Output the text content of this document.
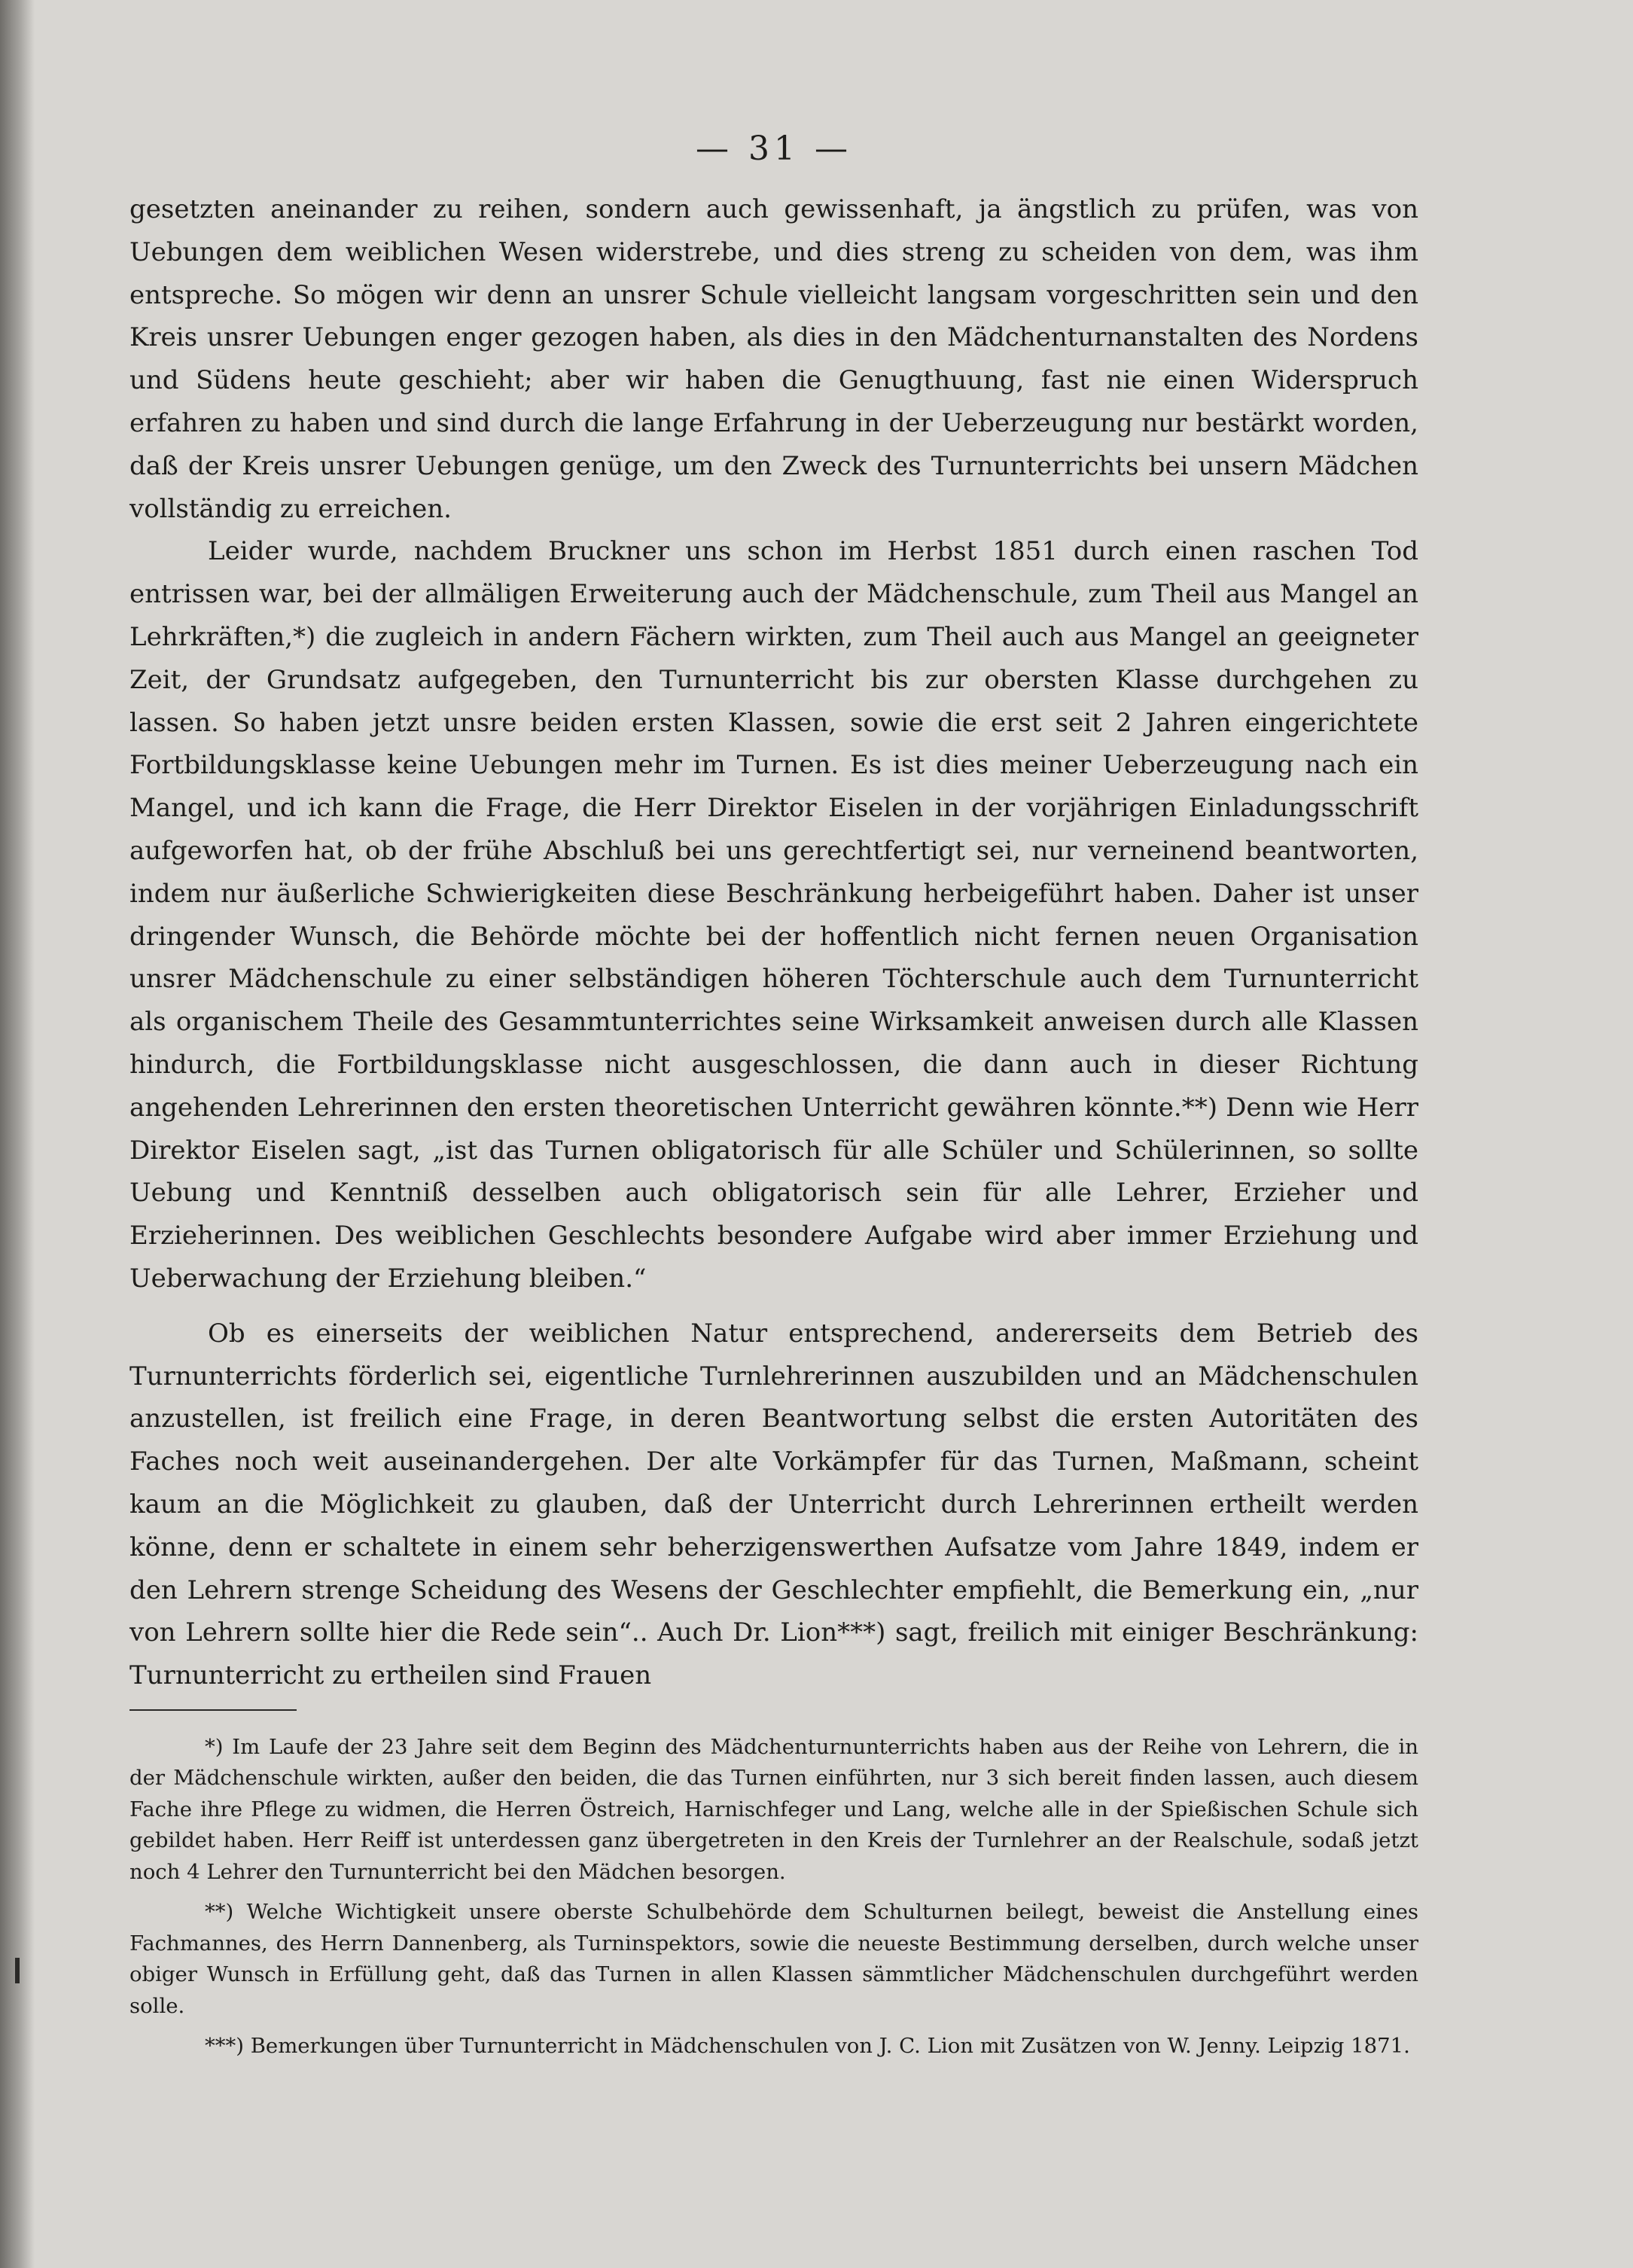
— 31 —

gesetzten aneinander zu reihen, sondern auch gewissenhaft, ja ängstlich zu prüfen, was von Uebungen dem weiblichen Wesen widerstrebe, und dies streng zu scheiden von dem, was ihm entspreche. So mögen wir denn an unsrer Schule vielleicht langsam vorgeschritten sein und den Kreis unsrer Uebungen enger gezogen haben, als dies in den Mädchenturnanstalten des Nordens und Südens heute geschieht; aber wir haben die Genugthuung, fast nie einen Widerspruch erfahren zu haben und sind durch die lange Erfahrung in der Ueberzeugung nur bestärkt worden, daß der Kreis unsrer Uebungen genüge, um den Zweck des Turnunterrichts bei unsern Mädchen vollständig zu erreichen.

Leider wurde, nachdem Bruckner uns schon im Herbst 1851 durch einen raschen Tod entrissen war, bei der allmäligen Erweiterung auch der Mädchenschule, zum Theil aus Mangel an Lehrkräften,*) die zugleich in andern Fächern wirkten, zum Theil auch aus Mangel an geeigneter Zeit, der Grundsatz aufgegeben, den Turnunterricht bis zur obersten Klasse durchgehen zu lassen. So haben jetzt unsre beiden ersten Klassen, sowie die erst seit 2 Jahren eingerichtete Fortbildungsklasse keine Uebungen mehr im Turnen. Es ist dies meiner Ueberzeugung nach ein Mangel, und ich kann die Frage, die Herr Direktor Eiselen in der vorjährigen Einladungsschrift aufgeworfen hat, ob der frühe Abschluß bei uns gerechtfertigt sei, nur verneinend beantworten, indem nur äußerliche Schwierigkeiten diese Beschränkung herbeigeführt haben. Daher ist unser dringender Wunsch, die Behörde möchte bei der hoffentlich nicht fernen neuen Organisation unsrer Mädchenschule zu einer selbständigen höheren Töchterschule auch dem Turnunterricht als organischem Theile des Gesammtunterrichtes seine Wirksamkeit anweisen durch alle Klassen hindurch, die Fortbildungsklasse nicht ausgeschlossen, die dann auch in dieser Richtung angehenden Lehrerinnen den ersten theoretischen Unterricht gewähren könnte.**) Denn wie Herr Direktor Eiselen sagt, „ist das Turnen obligatorisch für alle Schüler und Schülerinnen, so sollte Uebung und Kenntniß desselben auch obligatorisch sein für alle Lehrer, Erzieher und Erzieherinnen. Des weiblichen Geschlechts besondere Aufgabe wird aber immer Erziehung und Ueberwachung der Erziehung bleiben.“

Ob es einerseits der weiblichen Natur entsprechend, andererseits dem Betrieb des Turnunterrichts förderlich sei, eigentliche Turnlehrerinnen auszubilden und an Mädchenschulen anzustellen, ist freilich eine Frage, in deren Beantwortung selbst die ersten Autoritäten des Faches noch weit auseinandergehen. Der alte Vorkämpfer für das Turnen, Maßmann, scheint kaum an die Möglichkeit zu glauben, daß der Unterricht durch Lehrerinnen ertheilt werden könne, denn er schaltete in einem sehr beherzigenswerthen Aufsatze vom Jahre 1849, indem er den Lehrern strenge Scheidung des Wesens der Geschlechter empfiehlt, die Bemerkung ein, „nur von Lehrern sollte hier die Rede sein“.. Auch Dr. Lion***) sagt, freilich mit einiger Beschränkung: Turnunterricht zu ertheilen sind Frauen

*) Im Laufe der 23 Jahre seit dem Beginn des Mädchenturnunterrichts haben aus der Reihe von Lehrern, die in der Mädchenschule wirkten, außer den beiden, die das Turnen einführten, nur 3 sich bereit finden lassen, auch diesem Fache ihre Pflege zu widmen, die Herren Östreich, Harnischfeger und Lang, welche alle in der Spießischen Schule sich gebildet haben. Herr Reiff ist unterdessen ganz übergetreten in den Kreis der Turnlehrer an der Realschule, sodaß jetzt noch 4 Lehrer den Turnunterricht bei den Mädchen besorgen.

**) Welche Wichtigkeit unsere oberste Schulbehörde dem Schulturnen beilegt, beweist die Anstellung eines Fachmannes, des Herrn Dannenberg, als Turninspektors, sowie die neueste Bestimmung derselben, durch welche unser obiger Wunsch in Erfüllung geht, daß das Turnen in allen Klassen sämmtlicher Mädchenschulen durchgeführt werden solle.

***) Bemerkungen über Turnunterricht in Mädchenschulen von J. C. Lion mit Zusätzen von W. Jenny. Leipzig 1871.
